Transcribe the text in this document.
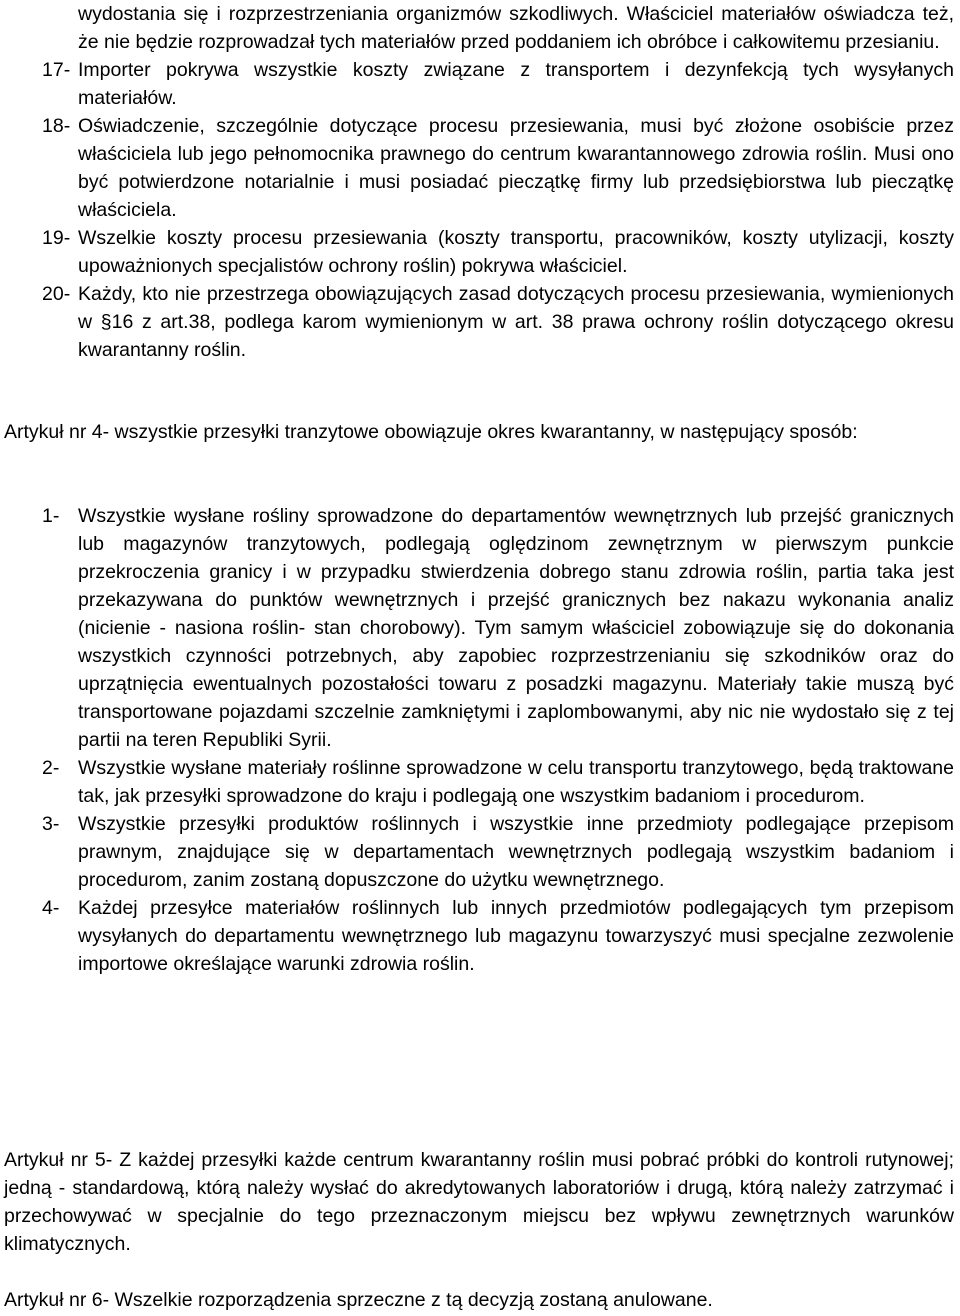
wydostania się i rozprzestrzeniania organizmów szkodliwych. Właściciel materiałów oświadcza też, że nie będzie rozprowadzał tych materiałów przed poddaniem ich obróbce i całkowitemu przesianiu.
17- Importer pokrywa wszystkie koszty związane z transportem i dezynfekcją tych wysyłanych materiałów.
18- Oświadczenie, szczególnie dotyczące procesu przesiewania, musi być złożone osobiście przez właściciela lub jego pełnomocnika prawnego do centrum kwarantannowego zdrowia roślin. Musi ono być potwierdzone notarialnie i musi posiadać pieczątkę firmy lub przedsiębiorstwa lub pieczątkę właściciela.
19- Wszelkie koszty procesu przesiewania (koszty transportu, pracowników, koszty utylizacji, koszty upoważnionych specjalistów ochrony roślin) pokrywa właściciel.
20- Każdy, kto nie przestrzega obowiązujących zasad dotyczących procesu przesiewania, wymienionych w §16 z art.38, podlega karom wymienionym w art. 38 prawa ochrony roślin dotyczącego okresu kwarantanny roślin.

Artykuł nr 4- wszystkie przesyłki tranzytowe obowiązuje okres kwarantanny, w następujący sposób:

1- Wszystkie wysłane rośliny sprowadzone do departamentów wewnętrznych lub przejść granicznych lub magazynów tranzytowych, podlegają oględzinom zewnętrznym w pierwszym punkcie przekroczenia granicy i w przypadku stwierdzenia dobrego stanu zdrowia roślin, partia taka jest przekazywana do punktów wewnętrznych i przejść granicznych bez nakazu wykonania analiz (nicienie - nasiona roślin- stan chorobowy). Tym samym właściciel zobowiązuje się do dokonania wszystkich czynności potrzebnych, aby zapobiec rozprzestrzenianiu się szkodników oraz do uprzątnięcia ewentualnych pozostałości towaru z posadzki magazynu. Materiały takie muszą być transportowane pojazdami szczelnie zamkniętymi i zaplombowanymi, aby nic nie wydostało się z tej partii na teren Republiki Syrii.
2- Wszystkie wysłane materiały roślinne sprowadzone w celu transportu tranzytowego, będą traktowane tak, jak przesyłki sprowadzone do kraju i podlegają one wszystkim badaniom i procedurom.
3- Wszystkie przesyłki produktów roślinnych i wszystkie inne przedmioty podlegające przepisom prawnym, znajdujące się w departamentach wewnętrznych podlegają wszystkim badaniom i procedurom, zanim zostaną dopuszczone do użytku wewnętrznego.
4- Każdej przesyłce materiałów roślinnych lub innych przedmiotów podlegających tym przepisom wysyłanych do departamentu wewnętrznego lub magazynu towarzyszyć musi specjalne zezwolenie importowe określające warunki zdrowia roślin.

Artykuł nr 5- Z każdej przesyłki każde centrum kwarantanny roślin musi pobrać próbki do kontroli rutynowej; jedną - standardową, którą należy wysłać do akredytowanych laboratoriów i drugą, którą należy zatrzymać i przechowywać w specjalnie do tego przeznaczonym miejscu bez wpływu zewnętrznych warunków klimatycznych.

Artykuł nr 6- Wszelkie rozporządzenia sprzeczne z tą decyzją zostaną anulowane.
